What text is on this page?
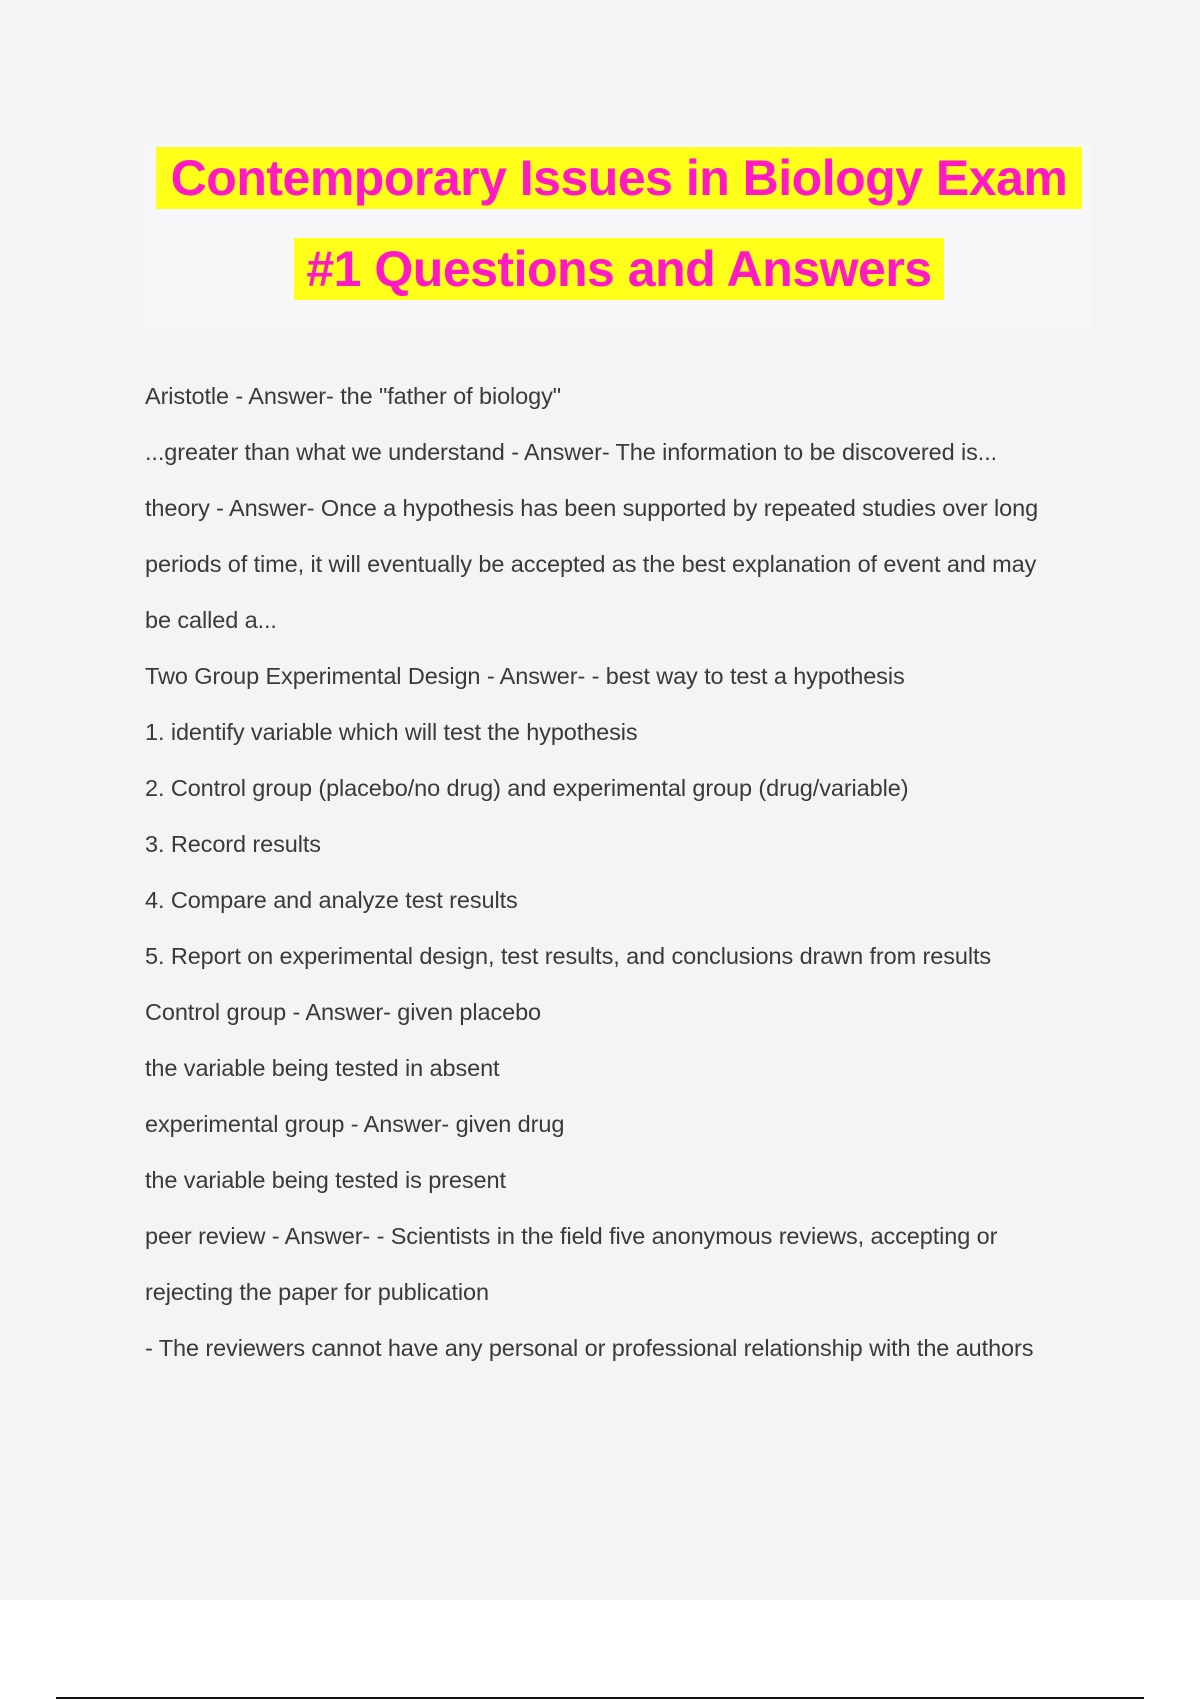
Contemporary Issues in Biology Exam
#1 Questions and Answers
Aristotle - Answer- the "father of biology"
...greater than what we understand - Answer- The information to be discovered is...
theory - Answer- Once a hypothesis has been supported by repeated studies over long
periods of time, it will eventually be accepted as the best explanation of event and may
be called a...
Two Group Experimental Design - Answer- - best way to test a hypothesis
1. identify variable which will test the hypothesis
2. Control group (placebo/no drug) and experimental group (drug/variable)
3. Record results
4. Compare and analyze test results
5. Report on experimental design, test results, and conclusions drawn from results
Control group - Answer- given placebo
the variable being tested in absent
experimental group - Answer- given drug
the variable being tested is present
peer review - Answer- - Scientists in the field five anonymous reviews, accepting or
rejecting the paper for publication
- The reviewers cannot have any personal or professional relationship with the authors
